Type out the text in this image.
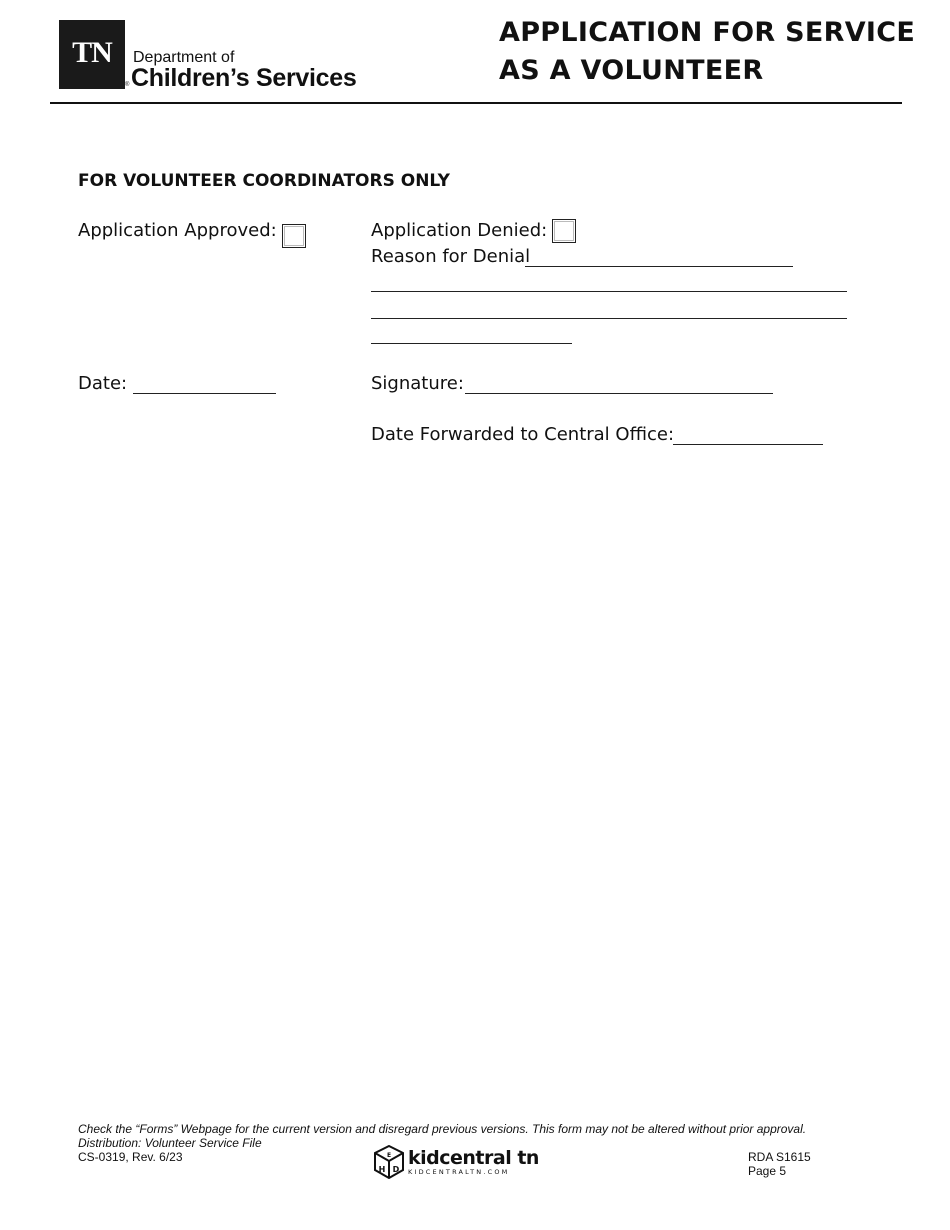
TN
®
Department of
Children’s Services
APPLICATION FOR SERVICE
AS A VOLUNTEER
FOR VOLUNTEER COORDINATORS ONLY
Application Approved:	Application Denied:
Reason for Denial
Date:	Signature:
Date Forwarded to Central Office:
Check the “Forms” Webpage for the current version and disregard previous versions. This form may not be altered without prior approval.
Distribution: Volunteer Service File
CS-0319, Rev. 6/23
H D
E kidcentral tn
KIDCENTRALTN.COM
RDA S1615
Page 5
